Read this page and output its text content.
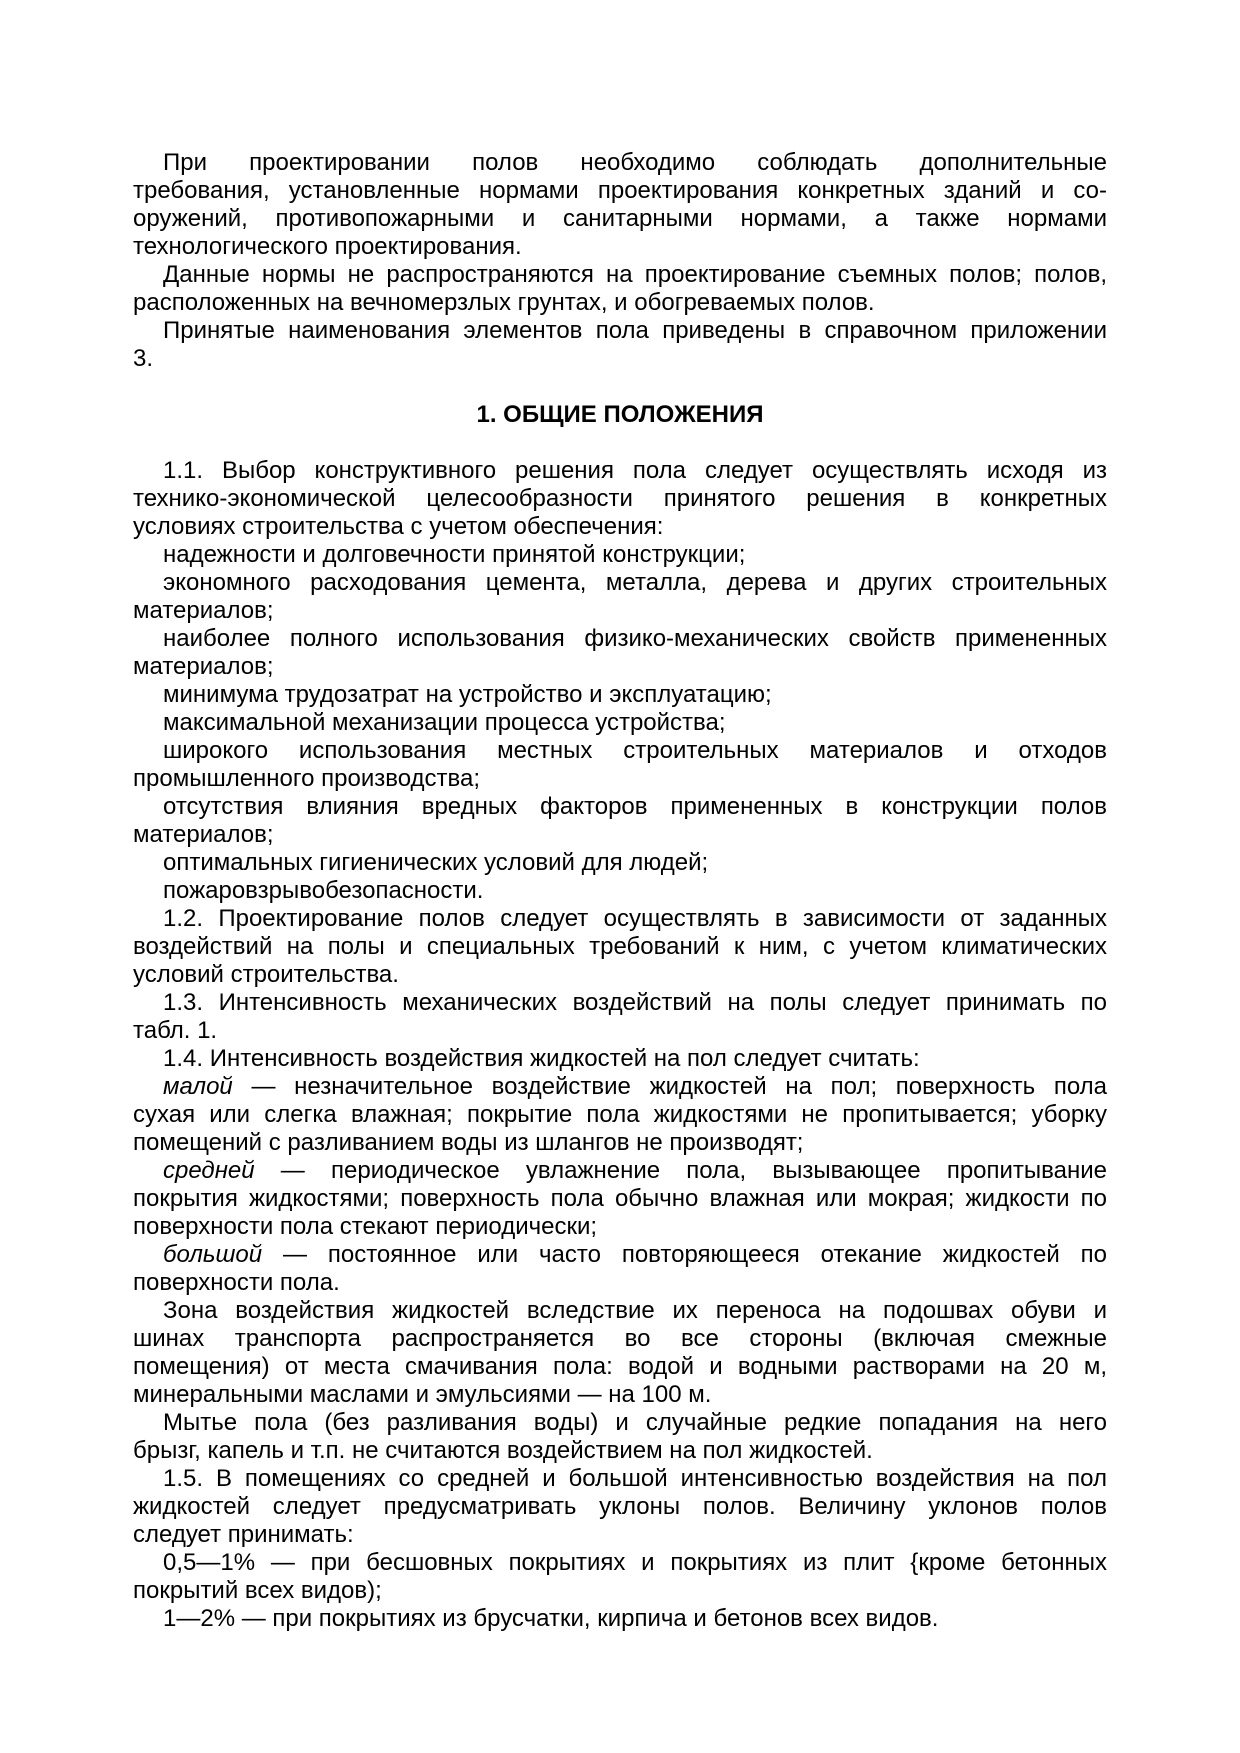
При проектировании полов необходимо соблюдать дополнительные
требования, установленные нормами проектирования конкретных зданий и со-
оружений, противопожарными и санитарными нормами, а также нормами
технологического проектирования.
Данные нормы не распространяются на проектирование съемных полов; полов,
расположенных на вечномерзлых грунтах, и обогреваемых полов.
Принятые наименования элементов пола приведены в справочном приложении
3.
1. ОБЩИЕ ПОЛОЖЕНИЯ
1.1. Выбор конструктивного решения пола следует осуществлять исходя из
технико-экономической целесообразности принятого решения в конкретных
условиях строительства с учетом обеспечения:
надежности и долговечности принятой конструкции;
экономного расходования цемента, металла, дерева и других строительных
материалов;
наиболее полного использования физико-механических свойств примененных
материалов;
минимума трудозатрат на устройство и эксплуатацию;
максимальной механизации процесса устройства;
широкого использования местных строительных материалов и отходов
промышленного производства;
отсутствия влияния вредных факторов примененных в конструкции полов
материалов;
оптимальных гигиенических условий для людей;
пожаровзрывобезопасности.
1.2. Проектирование полов следует осуществлять в зависимости от заданных
воздействий на полы и специальных требований к ним, с учетом климатических
условий строительства.
1.3. Интенсивность механических воздействий на полы следует принимать по
табл. 1.
1.4. Интенсивность воздействия жидкостей на пол следует считать:
малой — незначительное воздействие жидкостей на пол; поверхность пола
сухая или слегка влажная; покрытие пола жидкостями не пропитывается; уборку
помещений с разливанием воды из шлангов не производят;
средней — периодическое увлажнение пола, вызывающее пропитывание
покрытия жидкостями; поверхность пола обычно влажная или мокрая; жидкости по
поверхности пола стекают периодически;
большой — постоянное или часто повторяющееся отекание жидкостей по
поверхности пола.
Зона воздействия жидкостей вследствие их переноса на подошвах обуви и
шинах транспорта распространяется во все стороны (включая смежные
помещения) от места смачивания пола: водой и водными растворами на 20 м,
минеральными маслами и эмульсиями — на 100 м.
Мытье пола (без разливания воды) и случайные редкие попадания на него
брызг, капель и т.п. не считаются воздействием на пол жидкостей.
1.5. В помещениях со средней и большой интенсивностью воздействия на пол
жидкостей следует предусматривать уклоны полов. Величину уклонов полов
следует принимать:
0,5—1% — при бесшовных покрытиях и покрытиях из плит {кроме бетонных
покрытий всех видов);
1—2% — при покрытиях из брусчатки, кирпича и бетонов всех видов.
